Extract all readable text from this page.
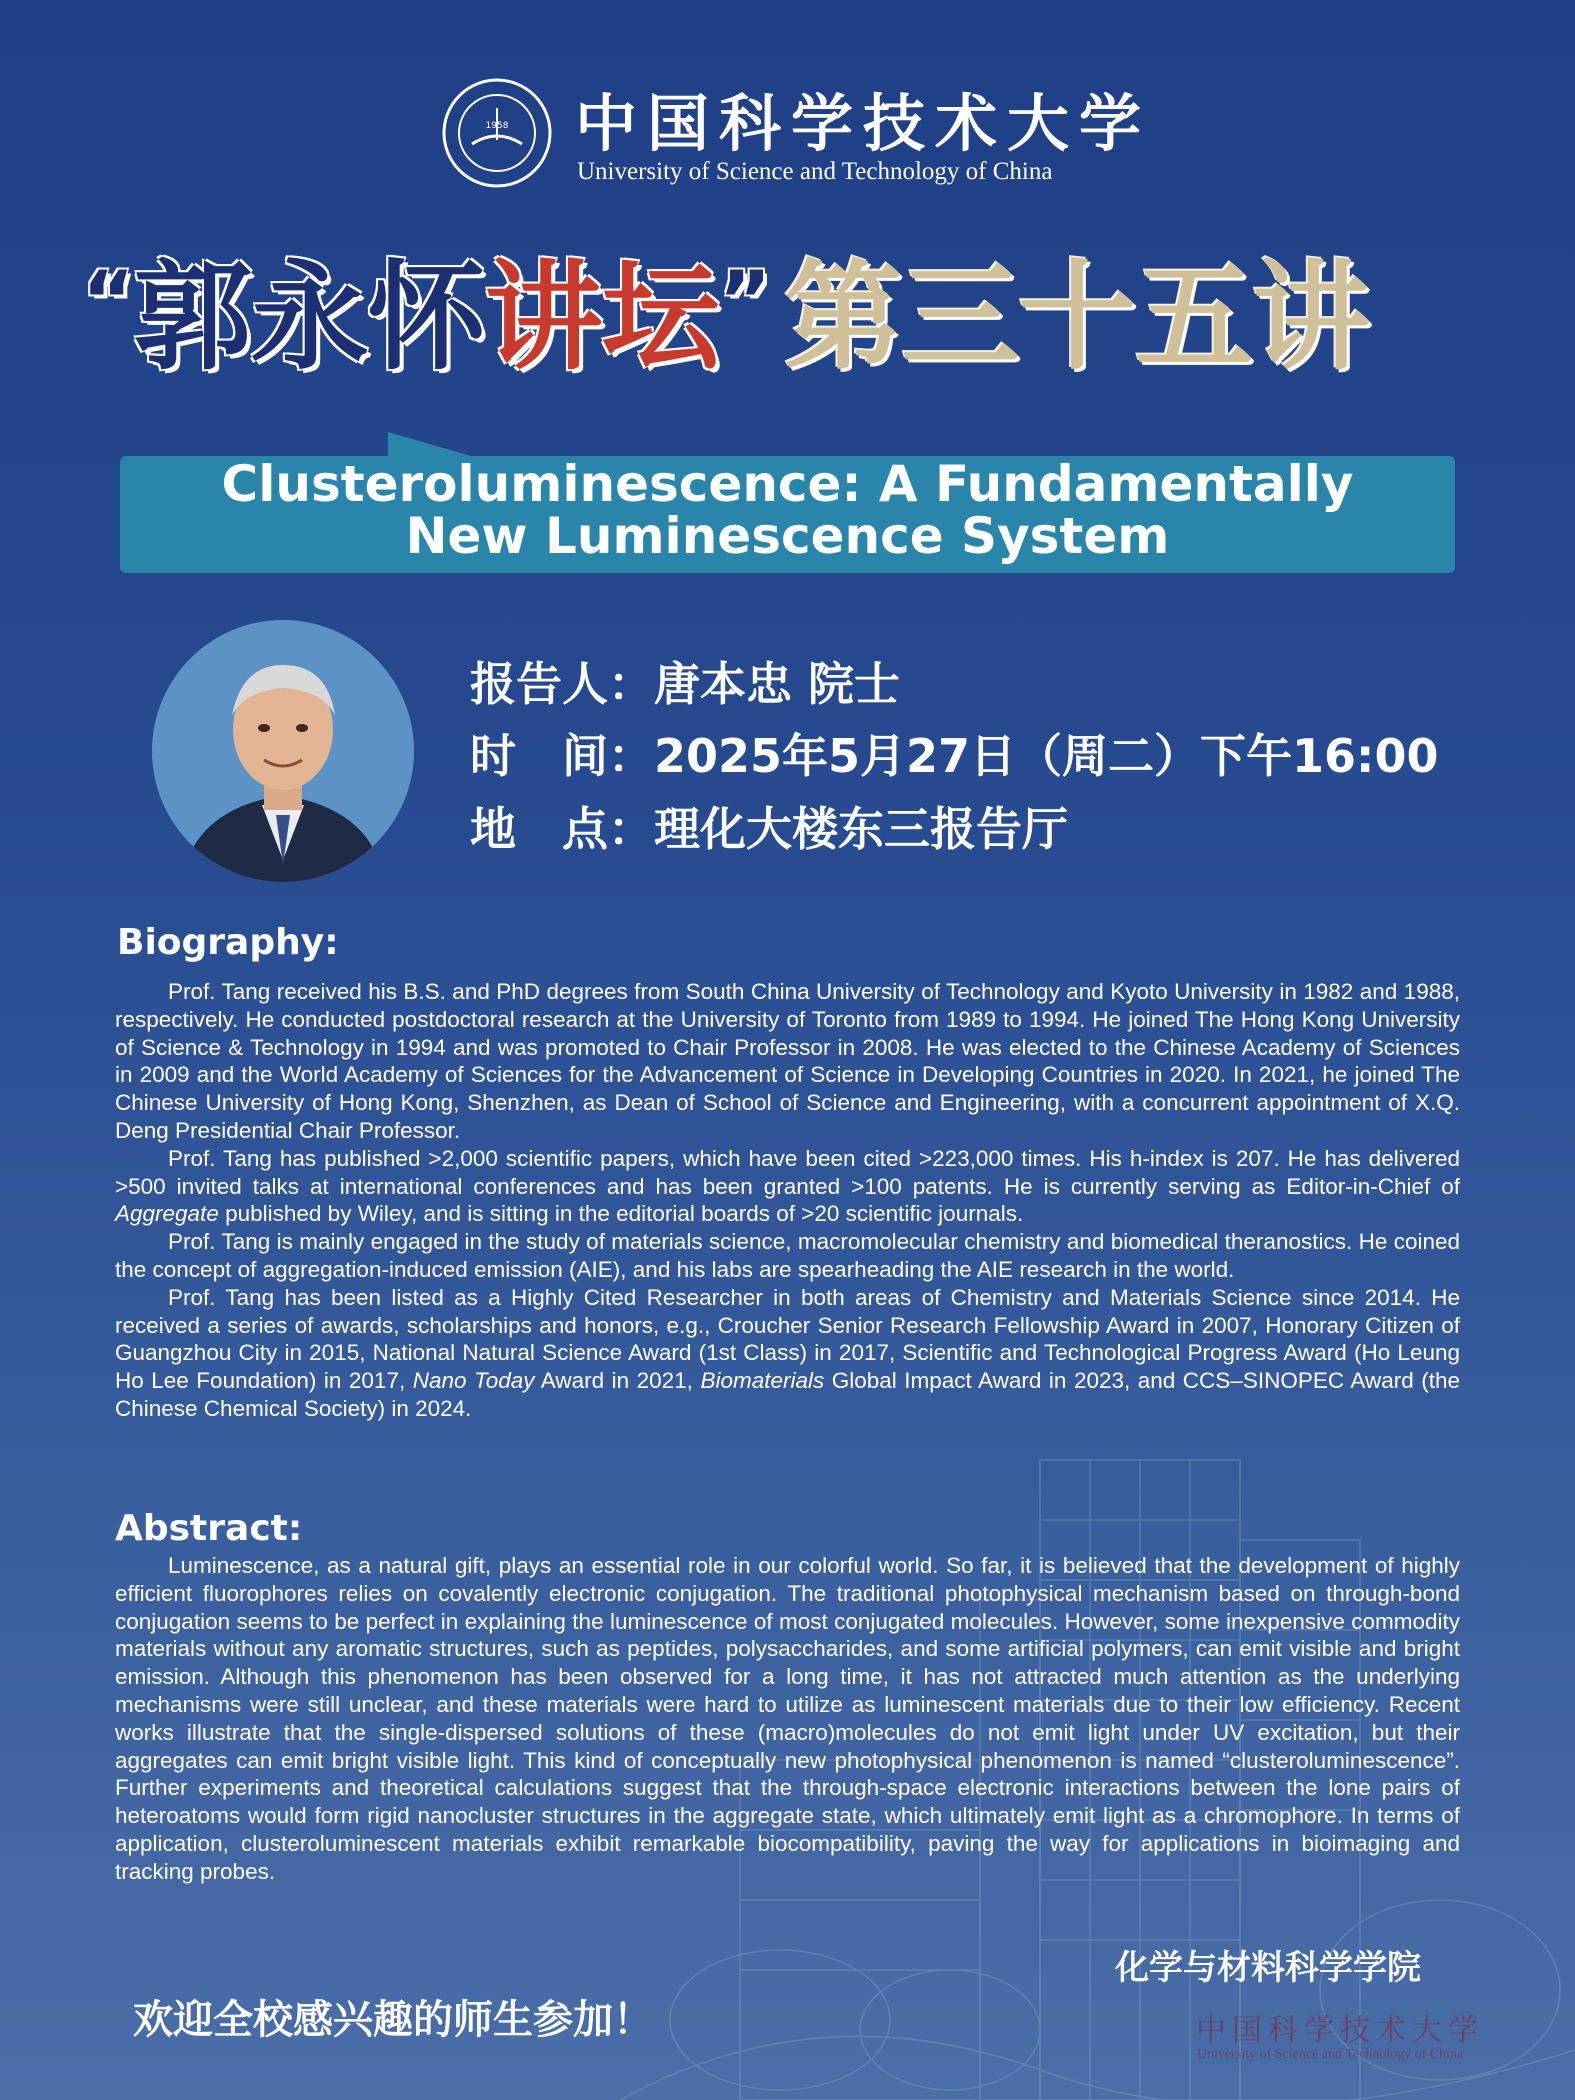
1958 中国科学技术大学
University of Science and Technology of China
“郭永怀讲坛” 第三十五讲
Clusteroluminescence: A Fundamentally
New Luminescence System
报告人：唐本忠 院士
时　间：2025年5月27日（周二）下午16:00
地　点：理化大楼东三报告厅
Biography:

Prof. Tang received his B.S. and PhD degrees from South China University of Technology and Kyoto University in 1982 and 1988, respectively. He conducted postdoctoral research at the University of Toronto from 1989 to 1994. He joined The Hong Kong University of Science & Technology in 1994 and was promoted to Chair Professor in 2008. He was elected to the Chinese Academy of Sciences in 2009 and the World Academy of Sciences for the Advancement of Science in Developing Countries in 2020. In 2021, he joined The Chinese University of Hong Kong, Shenzhen, as Dean of School of Science and Engineering, with a concurrent appointment of X.Q. Deng Presidential Chair Professor.

Prof. Tang has published >2,000 scientific papers, which have been cited >223,000 times. His h-index is 207. He has delivered >500 invited talks at international conferences and has been granted >100 patents. He is currently serving as Editor-in-Chief of Aggregate published by Wiley, and is sitting in the editorial boards of >20 scientific journals.

Prof. Tang is mainly engaged in the study of materials science, macromolecular chemistry and biomedical theranostics. He coined the concept of aggregation-induced emission (AIE), and his labs are spearheading the AIE research in the world.

Prof. Tang has been listed as a Highly Cited Researcher in both areas of Chemistry and Materials Science since 2014. He received a series of awards, scholarships and honors, e.g., Croucher Senior Research Fellowship Award in 2007, Honorary Citizen of Guangzhou City in 2015, National Natural Science Award (1st Class) in 2017, Scientific and Technological Progress Award (Ho Leung Ho Lee Foundation) in 2017, Nano Today Award in 2021, Biomaterials Global Impact Award in 2023, and CCS–SINOPEC Award (the Chinese Chemical Society) in 2024.

Abstract:

Luminescence, as a natural gift, plays an essential role in our colorful world. So far, it is believed that the development of highly efficient fluorophores relies on covalently electronic conjugation. The traditional photophysical mechanism based on through-bond conjugation seems to be perfect in explaining the luminescence of most conjugated molecules. However, some inexpensive commodity materials without any aromatic structures, such as peptides, polysaccharides, and some artificial polymers, can emit visible and bright emission. Although this phenomenon has been observed for a long time, it has not attracted much attention as the underlying mechanisms were still unclear, and these materials were hard to utilize as luminescent materials due to their low efficiency. Recent works illustrate that the single-dispersed solutions of these (macro)molecules do not emit light under UV excitation, but their aggregates can emit bright visible light. This kind of conceptually new photophysical phenomenon is named “clusteroluminescence”. Further experiments and theoretical calculations suggest that the through-space electronic interactions between the lone pairs of heteroatoms would form rigid nanocluster structures in the aggregate state, which ultimately emit light as a chromophore. In terms of application, clusteroluminescent materials exhibit remarkable biocompatibility, paving the way for applications in bioimaging and tracking probes.

化学与材料科学学院
欢迎全校感兴趣的师生参加！	中国科学技术大学
University of Science and Technology of China
